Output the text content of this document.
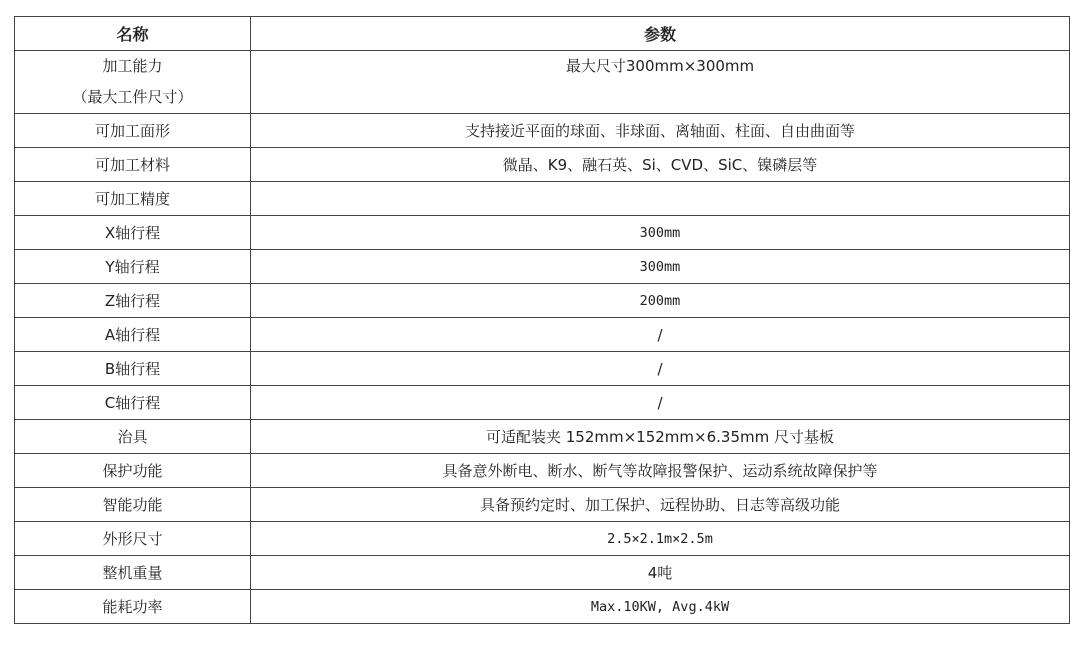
名称	参数

加工能力
（最大工件尺寸）	最大尺寸300mm×300mm

可加工面形	支持接近平面的球面、非球面、离轴面、柱面、自由曲面等
可加工材料	微晶、K9、融石英、Si、CVD、SiC、镍磷层等
可加工精度	
X轴行程	300mm
Y轴行程	300mm
Z轴行程	200mm
A轴行程	/
B轴行程	/
C轴行程	/
治具	可适配装夹 152mm×152mm×6.35mm 尺寸基板
保护功能	具备意外断电、断水、断气等故障报警保护、运动系统故障保护等
智能功能	具备预约定时、加工保护、远程协助、日志等高级功能
外形尺寸	2.5×2.1m×2.5m
整机重量	4吨
能耗功率	Max.10KW, Avg.4kW
